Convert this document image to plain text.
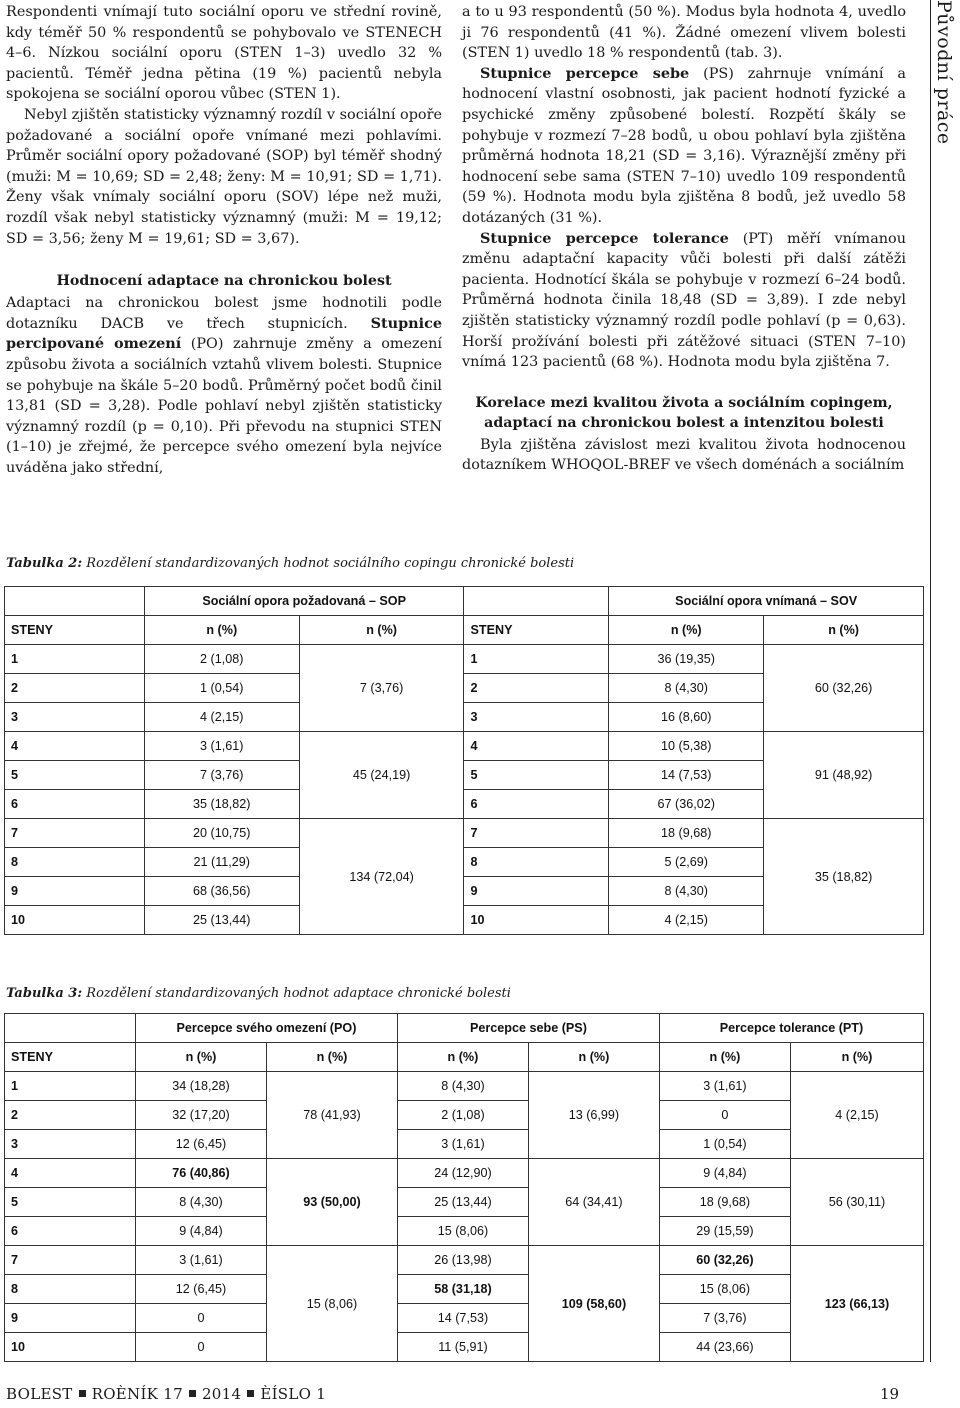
Respondenti vnímají tuto sociální oporu ve střední rovině, kdy téměř 50 % respondentů se pohybovalo ve STENECH 4–6. Nízkou sociální oporu (STEN 1–3) uvedlo 32 % pacientů. Téměř jedna pětina (19 %) pacientů nebyla spokojena se sociální oporou vůbec (STEN 1).

Nebyl zjištěn statisticky významný rozdíl v sociální opoře požadované a sociální opoře vnímané mezi pohlavími. Průměr sociální opory požadované (SOP) byl téměř shodný (muži: M = 10,69; SD = 2,48; ženy: M = 10,91; SD = 1,71). Ženy však vnímaly sociální oporu (SOV) lépe než muži, rozdíl však nebyl statisticky významný (muži: M = 19,12; SD = 3,56; ženy M = 19,61; SD = 3,67).

Hodnocení adaptace na chronickou bolest

Adaptaci na chronickou bolest jsme hodnotili podle dotazníku DACB ve třech stupnicích. Stupnice percipované omezení (PO) zahrnuje změny a omezení způsobu života a sociálních vztahů vlivem bolesti. Stupnice se pohybuje na škále 5–20 bodů. Průměrný počet bodů činil 13,81 (SD = 3,28). Podle pohlaví nebyl zjištěn statisticky významný rozdíl (p = 0,10). Při převodu na stupnici STEN (1–10) je zřejmé, že percepce svého omezení byla nejvíce uváděna jako střední,

a to u 93 respondentů (50 %). Modus byla hodnota 4, uvedlo ji 76 respondentů (41 %). Žádné omezení vlivem bolesti (STEN 1) uvedlo 18 % respondentů (tab. 3).

Stupnice percepce sebe (PS) zahrnuje vnímání a hodnocení vlastní osobnosti, jak pacient hodnotí fyzické a psychické změny způsobené bolestí. Rozpětí škály se pohybuje v rozmezí 7–28 bodů, u obou pohlaví byla zjištěna průměrná hodnota 18,21 (SD = 3,16). Výraznější změny při hodnocení sebe sama (STEN 7–10) uvedlo 109 respondentů (59 %). Hodnota modu byla zjištěna 8 bodů, jež uvedlo 58 dotázaných (31 %).

Stupnice percepce tolerance (PT) měří vnímanou změnu adaptační kapacity vůči bolesti při další zátěži pacienta. Hodnotící škála se pohybuje v rozmezí 6–24 bodů. Průměrná hodnota činila 18,48 (SD = 3,89). I zde nebyl zjištěn statisticky významný rozdíl podle pohlaví (p = 0,63). Horší prožívání bolesti při zátěžové situaci (STEN 7–10) vnímá 123 pacientů (68 %). Hodnota modu byla zjištěna 7.

Korelace mezi kvalitou života a sociálním copingem, adaptací na chronickou bolest a intenzitou bolesti

Byla zjištěna závislost mezi kvalitou života hodnocenou dotazníkem WHOQOL-BREF ve všech doménách a sociálním

Původní práce
Tabulka 2: Rozdělení standardizovaných hodnot sociálního copingu chronické bolesti
	Sociální opora požadovaná – SOP			Sociální opora vnímaná – SOV	
STENY	n (%)	n (%)	STENY	n (%)	n (%)
1	2 (1,08)	7 (3,76)	1	36 (19,35)	60 (32,26)
2	1 (0,54)		2	8 (4,30)	
3	4 (2,15)		3	16 (8,60)	
4	3 (1,61)	45 (24,19)	4	10 (5,38)	91 (48,92)
5	7 (3,76)		5	14 (7,53)	
6	35 (18,82)		6	67 (36,02)	
7	20 (10,75)	134 (72,04)	7	18 (9,68)	35 (18,82)
8	21 (11,29)		8	5 (2,69)	
9	68 (36,56)		9	8 (4,30)	
10	25 (13,44)		10	4 (2,15)	
Tabulka 3: Rozdělení standardizovaných hodnot adaptace chronické bolesti
	Percepce svého omezení (PO)		Percepce sebe (PS)		Percepce tolerance (PT)	
STENY	n (%)	n (%)	n (%)	n (%)	n (%)	n (%)
1	34 (18,28)	78 (41,93)	8 (4,30)	13 (6,99)	3 (1,61)	4 (2,15)
2	32 (17,20)		2 (1,08)		0	
3	12 (6,45)		3 (1,61)		1 (0,54)	
4	76 (40,86)	93 (50,00)	24 (12,90)	64 (34,41)	9 (4,84)	56 (30,11)
5	8 (4,30)		25 (13,44)		18 (9,68)	
6	9 (4,84)		15 (8,06)		29 (15,59)	
7	3 (1,61)	15 (8,06)	26 (13,98)	109 (58,60)	60 (32,26)	123 (66,13)
8	12 (6,45)		58 (31,18)		15 (8,06)	
9	0		14 (7,53)		7 (3,76)	
10	0		11 (5,91)		44 (23,66)	
BOLEST ROÈNÍK 17 2014 ÈÍSLO 1	19
